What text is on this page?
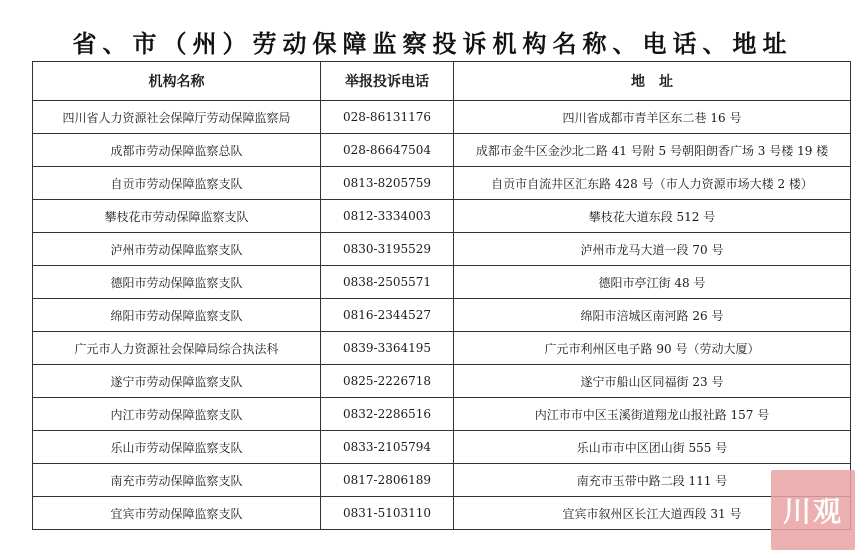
省、市（州）劳动保障监察投诉机构名称、电话、地址
机构名称	举报投诉电话	地　址
四川省人力资源社会保障厅劳动保障监察局	028-86131176	四川省成都市青羊区东二巷 16 号
成都市劳动保障监察总队	028-86647504	成都市金牛区金沙北二路 41 号附 5 号朝阳朗香广场 3 号楼 19 楼
自贡市劳动保障监察支队	0813-8205759	自贡市自流井区汇东路 428 号（市人力资源市场大楼 2 楼）
攀枝花市劳动保障监察支队	0812-3334003	攀枝花大道东段 512 号
泸州市劳动保障监察支队	0830-3195529	泸州市龙马大道一段 70 号
德阳市劳动保障监察支队	0838-2505571	德阳市亭江街 48 号
绵阳市劳动保障监察支队	0816-2344527	绵阳市涪城区南河路 26 号
广元市人力资源社会保障局综合执法科	0839-3364195	广元市利州区电子路 90 号（劳动大厦）
遂宁市劳动保障监察支队	0825-2226718	遂宁市船山区同福街 23 号
内江市劳动保障监察支队	0832-2286516	内江市市中区玉溪街道翔龙山报社路 157 号
乐山市劳动保障监察支队	0833-2105794	乐山市市中区团山街 555 号
南充市劳动保障监察支队	0817-2806189	南充市玉带中路二段 111 号
宜宾市劳动保障监察支队	0831-5103110	宜宾市叙州区长江大道西段 31 号	川观
